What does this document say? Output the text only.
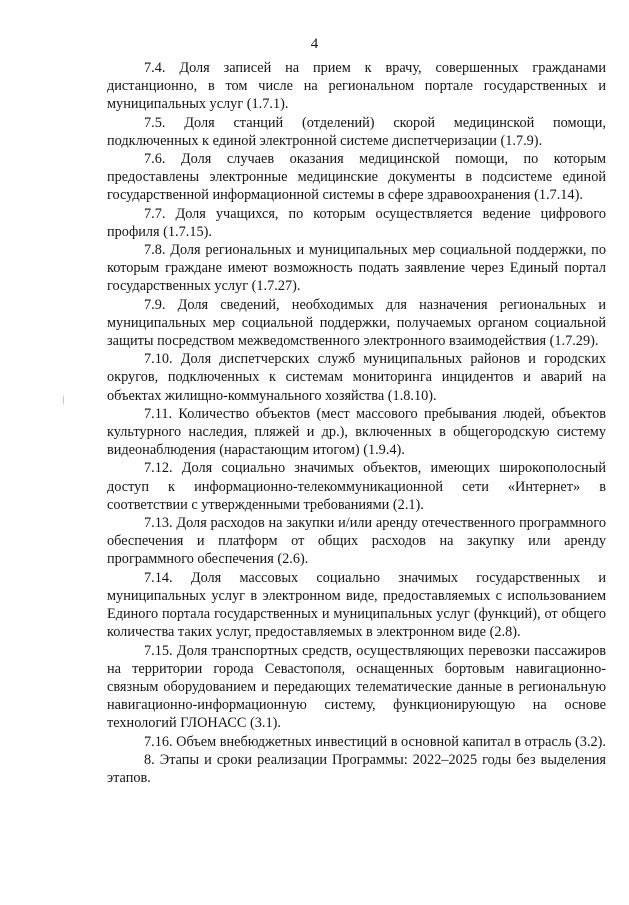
4

7.4. Доля записей на прием к врачу, совершенных гражданами дистанционно, в том числе на региональном портале государственных и муниципальных услуг (1.7.1).

7.5. Доля станций (отделений) скорой медицинской помощи, подключенных к единой электронной системе диспетчеризации (1.7.9).

7.6. Доля случаев оказания медицинской помощи, по которым предоставлены электронные медицинские документы в подсистеме единой государственной информационной системы в сфере здравоохранения (1.7.14).

7.7. Доля учащихся, по которым осуществляется ведение цифрового профиля (1.7.15).

7.8. Доля региональных и муниципальных мер социальной поддержки, по которым граждане имеют возможность подать заявление через Единый портал государственных услуг (1.7.27).

7.9. Доля сведений, необходимых для назначения региональных и муниципальных мер социальной поддержки, получаемых органом социальной защиты посредством межведомственного электронного взаимодействия (1.7.29).

7.10. Доля диспетчерских служб муниципальных районов и городских округов, подключенных к системам мониторинга инцидентов и аварий на объектах жилищно-коммунального хозяйства (1.8.10).

7.11. Количество объектов (мест массового пребывания людей, объектов культурного наследия, пляжей и др.), включенных в общегородскую систему видеонаблюдения (нарастающим итогом) (1.9.4).

7.12. Доля социально значимых объектов, имеющих широкополосный доступ к информационно-телекоммуникационной сети «Интернет» в соответствии с утвержденными требованиями (2.1).

7.13. Доля расходов на закупки и/или аренду отечественного программного обеспечения и платформ от общих расходов на закупку или аренду программного обеспечения (2.6).

7.14. Доля массовых социально значимых государственных и муниципальных услуг в электронном виде, предоставляемых с использованием Единого портала государственных и муниципальных услуг (функций), от общего количества таких услуг, предоставляемых в электронном виде (2.8).

7.15. Доля транспортных средств, осуществляющих перевозки пассажиров на территории города Севастополя, оснащенных бортовым навигационно-связным оборудованием и передающих телематические данные в региональную навигационно-информационную систему, функционирующую на основе технологий ГЛОНАСС (3.1).

7.16. Объем внебюджетных инвестиций в основной капитал в отрасль (3.2).

8. Этапы и сроки реализации Программы: 2022–2025 годы без выделения этапов.
